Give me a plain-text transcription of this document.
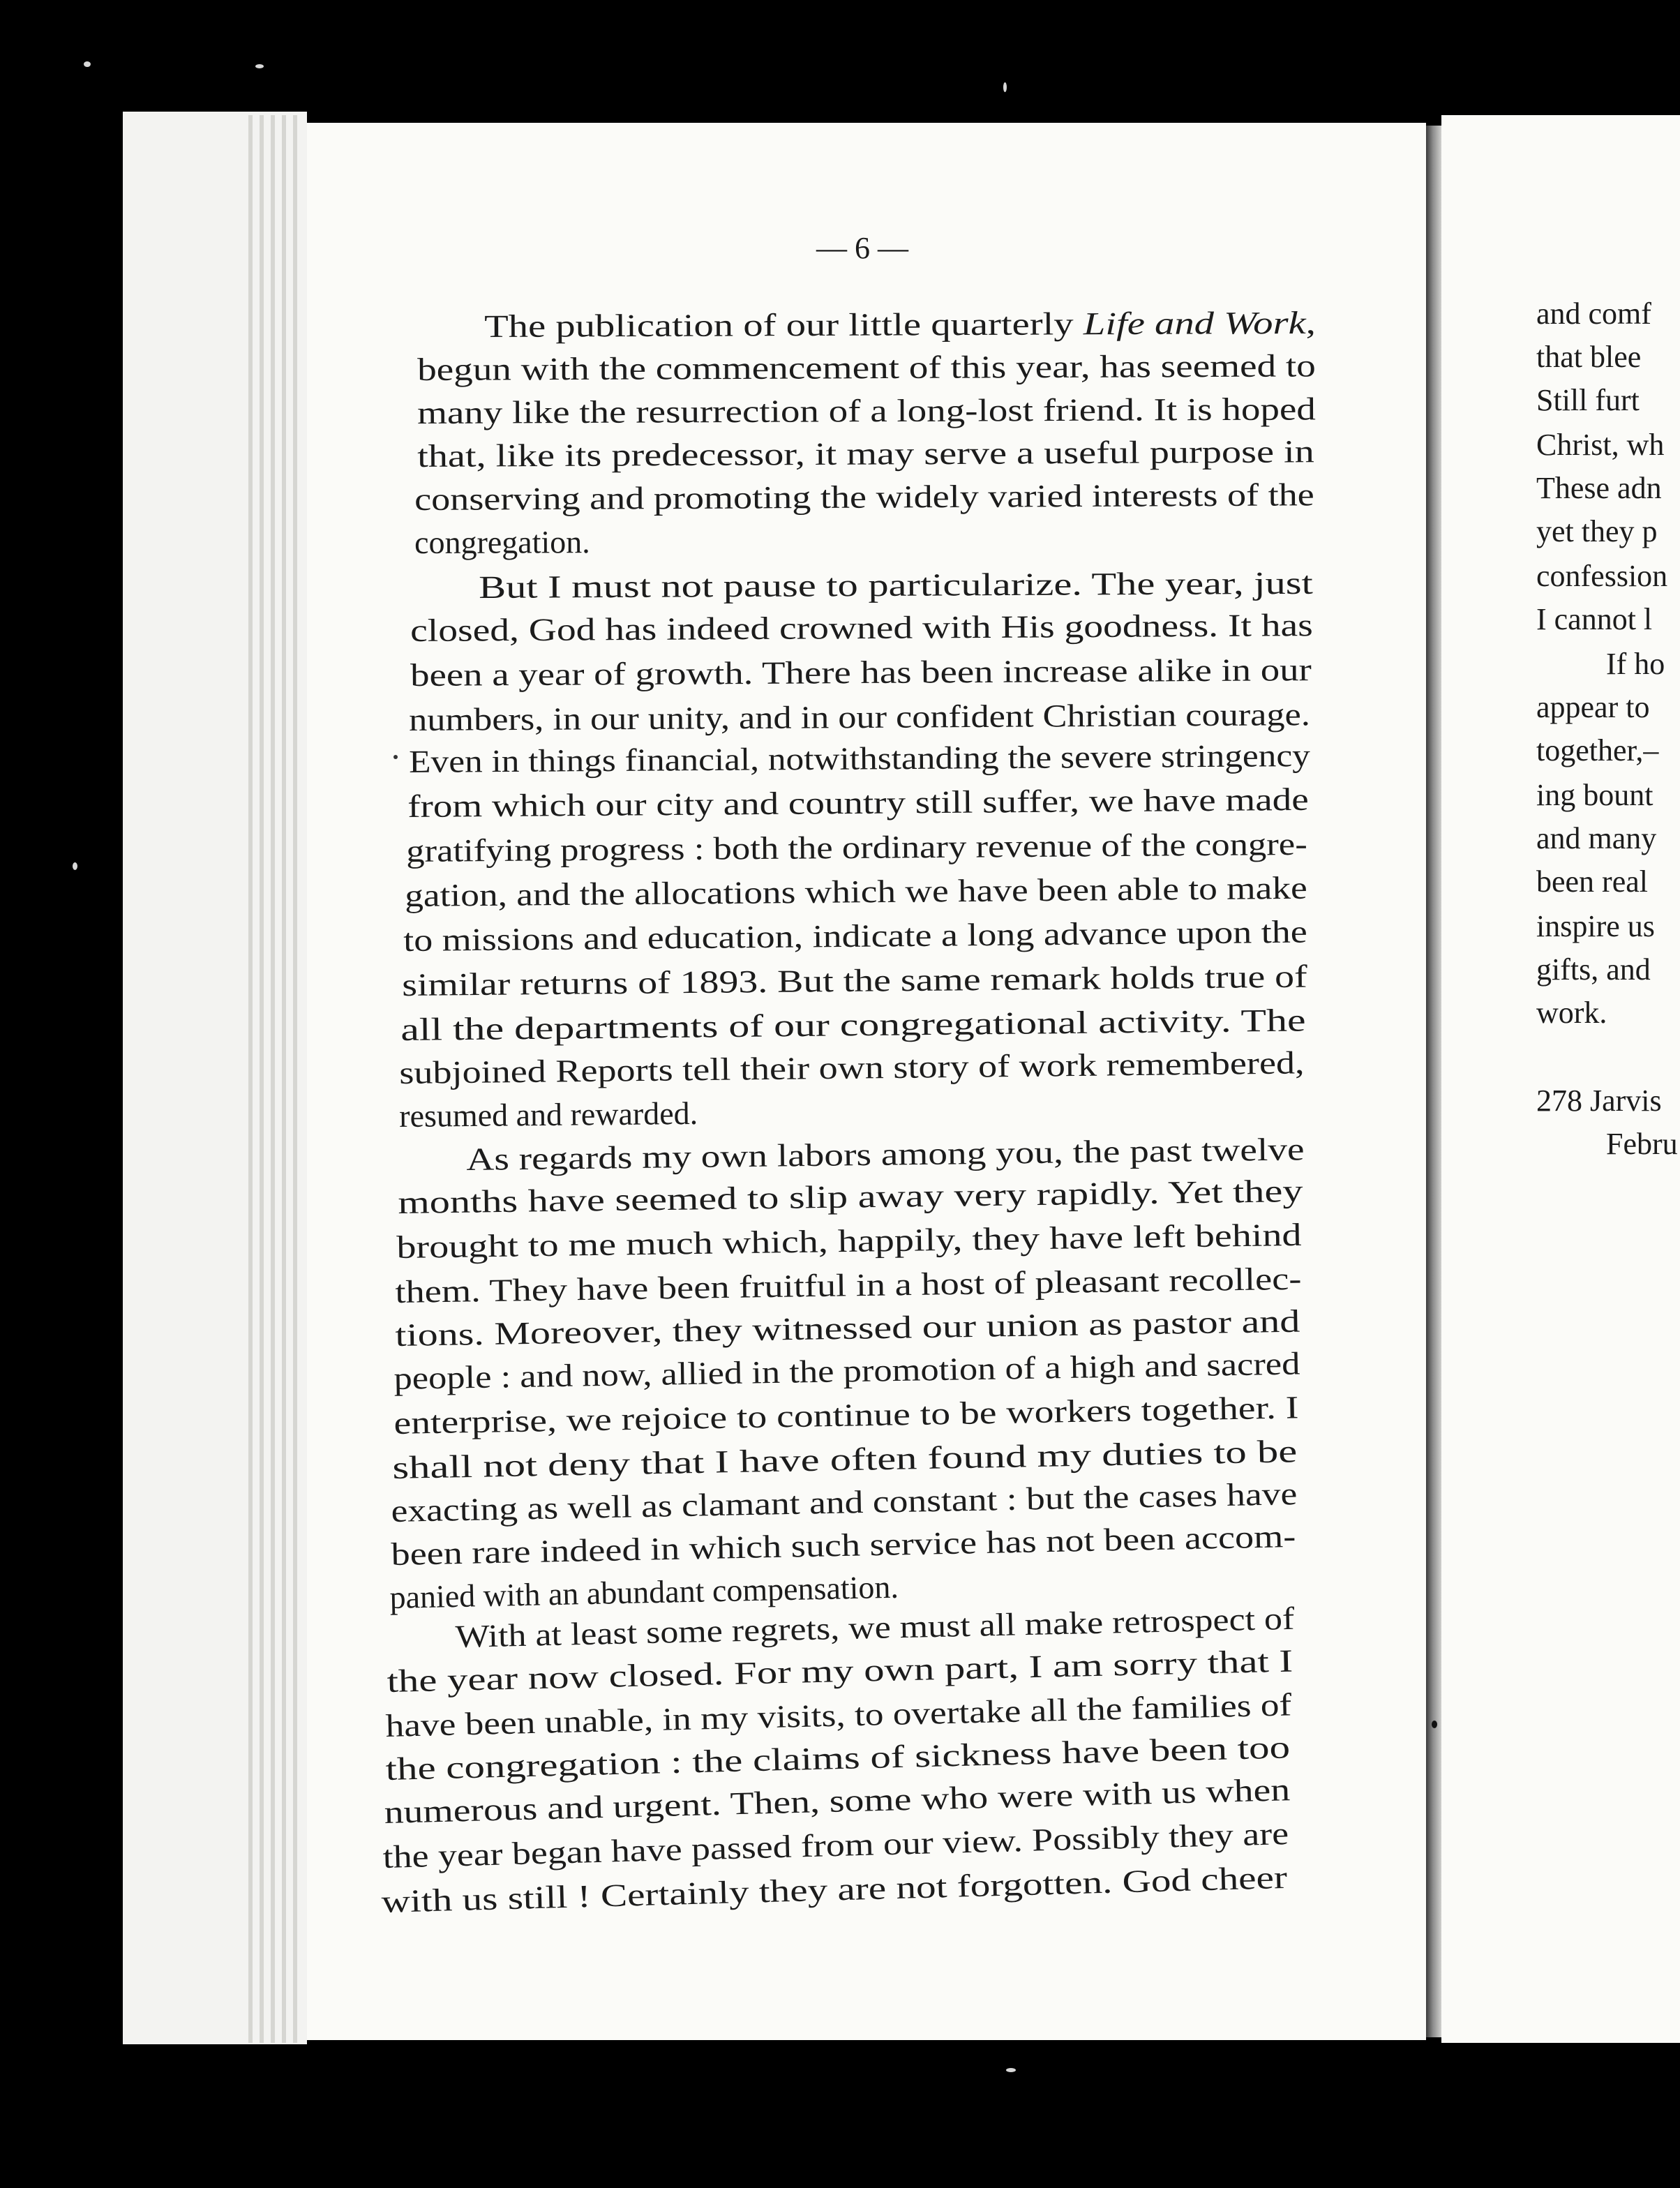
and comf
that blee
Still furt
Christ, wh
These adn
yet they p
confession
I cannot l
If ho
appear to
together,–
ing bount
and many
been real
inspire us
gifts, and
work.
278 Jarvis
Febru
— 6 —
The publication of our little quarterly Life and Work,
begun with the commencement of this year, has seemed to
many like the resurrection of a long-lost friend. It is hoped
that, like its predecessor, it may serve a useful purpose in
conserving and promoting the widely varied interests of the
congregation.
But I must not pause to particularize. The year, just
closed, God has indeed crowned with His goodness. It has
been a year of growth. There has been increase alike in our
numbers, in our unity, and in our confident Christian courage.
Even in things financial, notwithstanding the severe stringency
from which our city and country still suffer, we have made
gratifying progress : both the ordinary revenue of the congre-
gation, and the allocations which we have been able to make
to missions and education, indicate a long advance upon the
similar returns of 1893. But the same remark holds true of
all the departments of our congregational activity. The
subjoined Reports tell their own story of work remembered,
resumed and rewarded.
As regards my own labors among you, the past twelve
months have seemed to slip away very rapidly. Yet they
brought to me much which, happily, they have left behind
them. They have been fruitful in a host of pleasant recollec-
tions. Moreover, they witnessed our union as pastor and
people : and now, allied in the promotion of a high and sacred
enterprise, we rejoice to continue to be workers together. I
shall not deny that I have often found my duties to be
exacting as well as clamant and constant : but the cases have
been rare indeed in which such service has not been accom-
panied with an abundant compensation.
With at least some regrets, we must all make retrospect of
the year now closed. For my own part, I am sorry that I
have been unable, in my visits, to overtake all the families of
the congregation : the claims of sickness have been too
numerous and urgent. Then, some who were with us when
the year began have passed from our view. Possibly they are
with us still ! Certainly they are not forgotten. God cheer
